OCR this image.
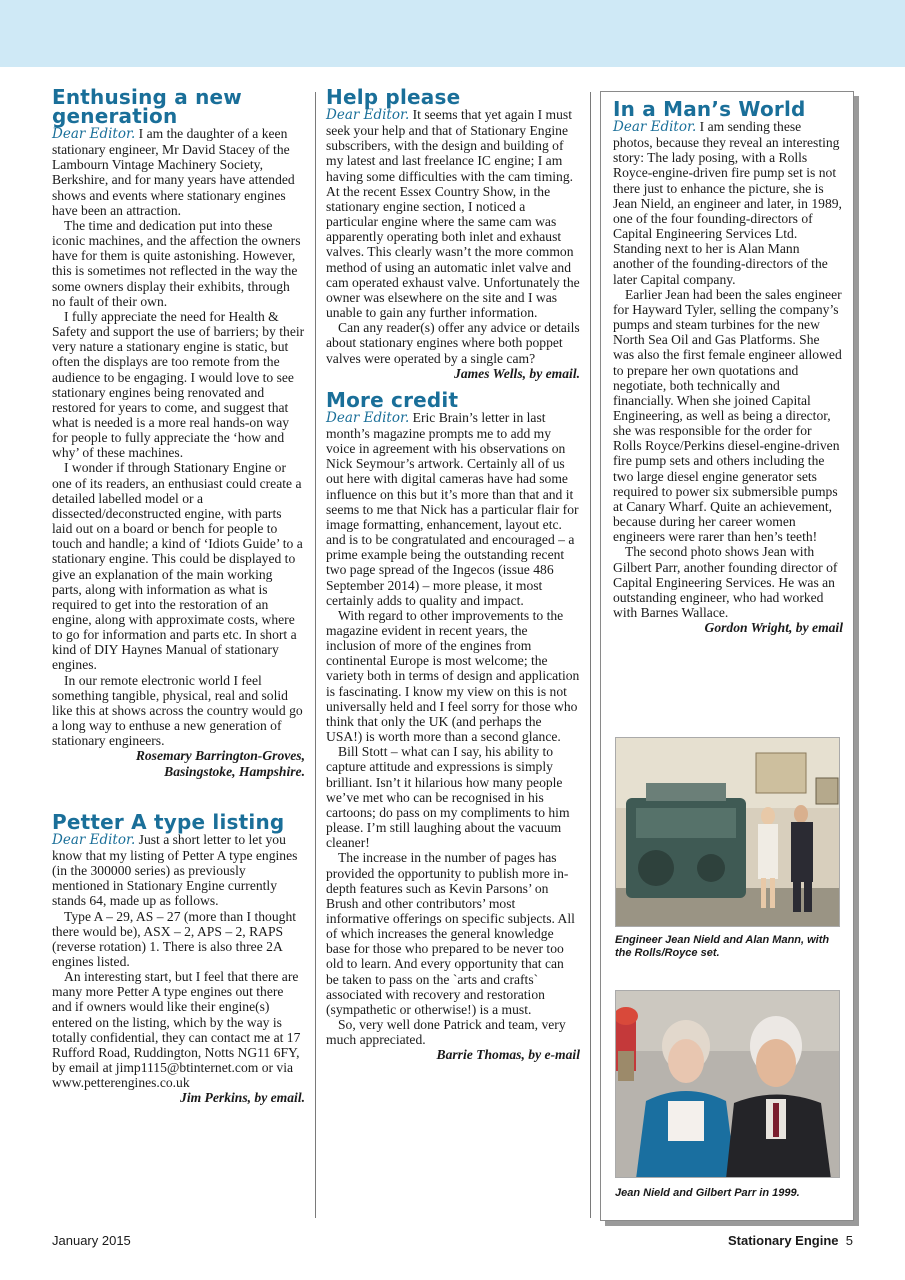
Enthusing a new generation

Dear Editor. I am the daughter of a keen stationary engineer, Mr David Stacey of the Lambourn Vintage Machinery Society, Berkshire, and for many years have attended shows and events where stationary engines have been an attraction.

The time and dedication put into these iconic machines, and the affection the owners have for them is quite astonishing. However, this is sometimes not reflected in the way the some owners display their exhibits, through no fault of their own.

I fully appreciate the need for Health & Safety and support the use of barriers; by their very nature a stationary engine is static, but often the displays are too remote from the audience to be engaging. I would love to see stationary engines being renovated and restored for years to come, and suggest that what is needed is a more real hands-on way for people to fully appreciate the ‘how and why’ of these machines.

I wonder if through Stationary Engine or one of its readers, an enthusiast could create a detailed labelled model or a dissected/deconstructed engine, with parts laid out on a board or bench for people to touch and handle; a kind of ‘Idiots Guide’ to a stationary engine. This could be displayed to give an explanation of the main working parts, along with information as what is required to get into the restoration of an engine, along with approximate costs, where to go for information and parts etc. In short a kind of DIY Haynes Manual of stationary engines.

In our remote electronic world I feel something tangible, physical, real and solid like this at shows across the country would go a long way to enthuse a new generation of stationary engineers.

Rosemary Barrington-Groves,

Basingstoke, Hampshire.

Petter A type listing

Dear Editor. Just a short letter to let you know that my listing of Petter A type engines (in the 300000 series) as previously mentioned in Stationary Engine currently stands 64, made up as follows.

Type A – 29, AS – 27 (more than I thought there would be), ASX – 2, APS – 2, RAPS (reverse rotation) 1. There is also three 2A engines listed.

An interesting start, but I feel that there are many more Petter A type engines out there and if owners would like their engine(s) entered on the listing, which by the way is totally confidential, they can contact me at 17 Rufford Road, Ruddington, Notts NG11 6FY, by email at jimp1115@btinternet.com or via www.petterengines.co.uk

Jim Perkins, by email.

Help please

Dear Editor. It seems that yet again I must seek your help and that of Stationary Engine subscribers, with the design and building of my latest and last freelance IC engine; I am having some difficulties with the cam timing. At the recent Essex Country Show, in the stationary engine section, I noticed a particular engine where the same cam was apparently operating both inlet and exhaust valves. This clearly wasn’t the more common method of using an automatic inlet valve and cam operated exhaust valve. Unfortunately the owner was elsewhere on the site and I was unable to gain any further information.

Can any reader(s) offer any advice or details about stationary engines where both poppet valves were operated by a single cam?

James Wells, by email.

More credit

Dear Editor. Eric Brain’s letter in last month’s magazine prompts me to add my voice in agreement with his observations on Nick Seymour’s artwork. Certainly all of us out here with digital cameras have had some influence on this but it’s more than that and it seems to me that Nick has a particular flair for image formatting, enhancement, layout etc. and is to be congratulated and encouraged – a prime example being the outstanding recent two page spread of the Ingecos (issue 486 September 2014) – more please, it most certainly adds to quality and impact.

With regard to other improvements to the magazine evident in recent years, the inclusion of more of the engines from continental Europe is most welcome; the variety both in terms of design and application is fascinating. I know my view on this is not universally held and I feel sorry for those who think that only the UK (and perhaps the USA!) is worth more than a second glance.

Bill Stott – what can I say, his ability to capture attitude and expressions is simply brilliant. Isn’t it hilarious how many people we’ve met who can be recognised in his cartoons; do pass on my compliments to him please. I’m still laughing about the vacuum cleaner!

The increase in the number of pages has provided the opportunity to publish more in-depth features such as Kevin Parsons’ on Brush and other contributors’ most informative offerings on specific subjects. All of which increases the general knowledge base for those who prepared to be never too old to learn. And every opportunity that can be taken to pass on the `arts and crafts` associated with recovery and restoration (sympathetic or otherwise!) is a must.

So, very well done Patrick and team, very much appreciated.

Barrie Thomas, by e-mail

In a Man’s World

Dear Editor. I am sending these photos, because they reveal an interesting story: The lady posing, with a Rolls Royce-engine-driven fire pump set is not there just to enhance the picture, she is Jean Nield, an engineer and later, in 1989, one of the four founding-directors of Capital Engineering Services Ltd. Standing next to her is Alan Mann another of the founding-directors of the later Capital company.

Earlier Jean had been the sales engineer for Hayward Tyler, selling the company’s pumps and steam turbines for the new North Sea Oil and Gas Platforms. She was also the first female engineer allowed to prepare her own quotations and negotiate, both technically and financially. When she joined Capital Engineering, as well as being a director, she was responsible for the order for Rolls Royce/Perkins diesel-engine-driven fire pump sets and others including the two large diesel engine generator sets required to power six submersible pumps at Canary Wharf. Quite an achievement, because during her career women engineers were rarer than hen’s teeth!

The second photo shows Jean with Gilbert Parr, another founding director of Capital Engineering Services. He was an outstanding engineer, who had worked with Barnes Wallace.

Gordon Wright, by email

Engineer Jean Nield and Alan Mann, with the Rolls/Royce set.
Jean Nield and Gilbert Parr in 1999.
January 2015	Stationary Engine 5
